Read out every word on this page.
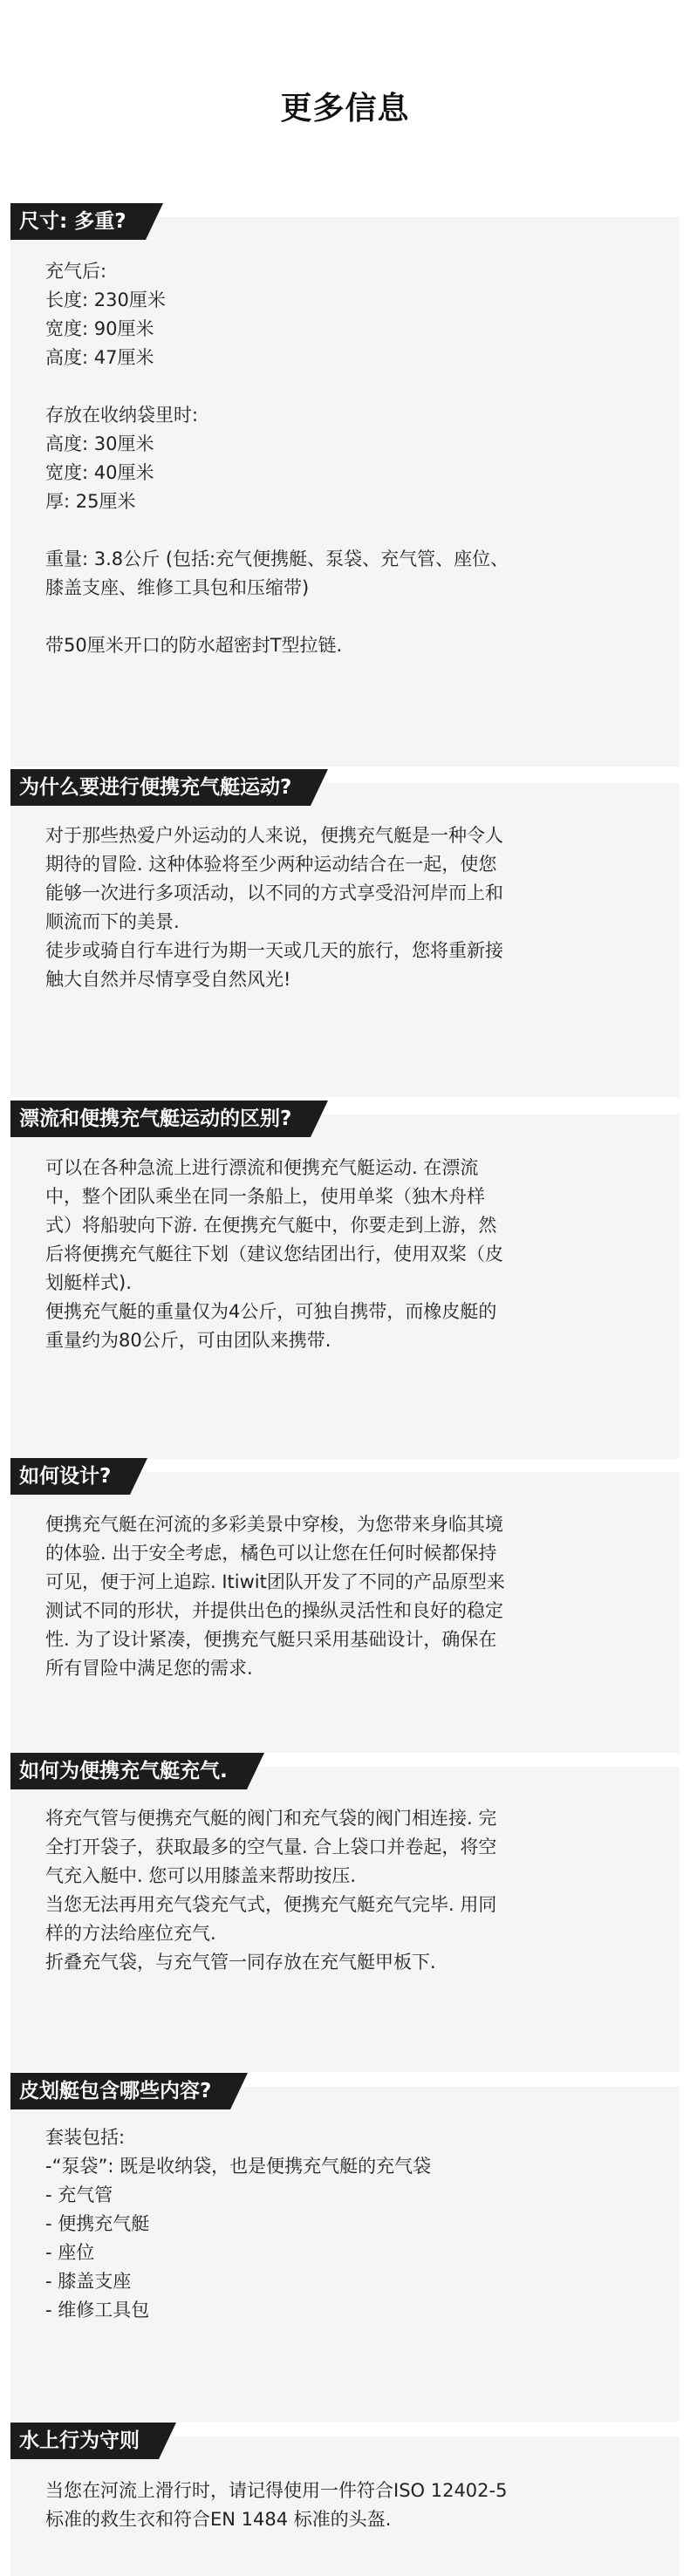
更多信息
尺寸: 多重?
充气后:
长度: 230厘米
宽度: 90厘米
高度: 47厘米
存放在收纳袋里时:
高度: 30厘米
宽度: 40厘米
厚: 25厘米
重量: 3.8公斤 (包括:充气便携艇、泵袋、充气管、座位、
膝盖支座、维修工具包和压缩带)
带50厘米开口的防水超密封T型拉链.
为什么要进行便携充气艇运动?
对于那些热爱户外运动的人来说，便携充气艇是一种令人
期待的冒险. 这种体验将至少两种运动结合在一起，使您
能够一次进行多项活动，以不同的方式享受沿河岸而上和
顺流而下的美景.
徒步或骑自行车进行为期一天或几天的旅行，您将重新接
触大自然并尽情享受自然风光!
漂流和便携充气艇运动的区别?
可以在各种急流上进行漂流和便携充气艇运动. 在漂流
中，整个团队乘坐在同一条船上，使用单桨（独木舟样
式）将船驶向下游. 在便携充气艇中，你要走到上游，然
后将便携充气艇往下划（建议您结团出行，使用双桨（皮
划艇样式).
便携充气艇的重量仅为4公斤，可独自携带，而橡皮艇的
重量约为80公斤，可由团队来携带.
如何设计?
便携充气艇在河流的多彩美景中穿梭，为您带来身临其境
的体验. 出于安全考虑，橘色可以让您在任何时候都保持
可见，便于河上追踪. Itiwit团队开发了不同的产品原型来
测试不同的形状，并提供出色的操纵灵活性和良好的稳定
性. 为了设计紧凑，便携充气艇只采用基础设计，确保在
所有冒险中满足您的需求.
如何为便携充气艇充气.
将充气管与便携充气艇的阀门和充气袋的阀门相连接. 完
全打开袋子，获取最多的空气量. 合上袋口并卷起，将空
气充入艇中. 您可以用膝盖来帮助按压.
当您无法再用充气袋充气式，便携充气艇充气完毕. 用同
样的方法给座位充气.
折叠充气袋，与充气管一同存放在充气艇甲板下.
皮划艇包含哪些内容?
套装包括:
-“泵袋”: 既是收纳袋，也是便携充气艇的充气袋
- 充气管
- 便携充气艇
- 座位
- 膝盖支座
- 维修工具包
水上行为守则
当您在河流上滑行时，请记得使用一件符合ISO 12402-5
标准的救生衣和符合EN 1484 标准的头盔.
